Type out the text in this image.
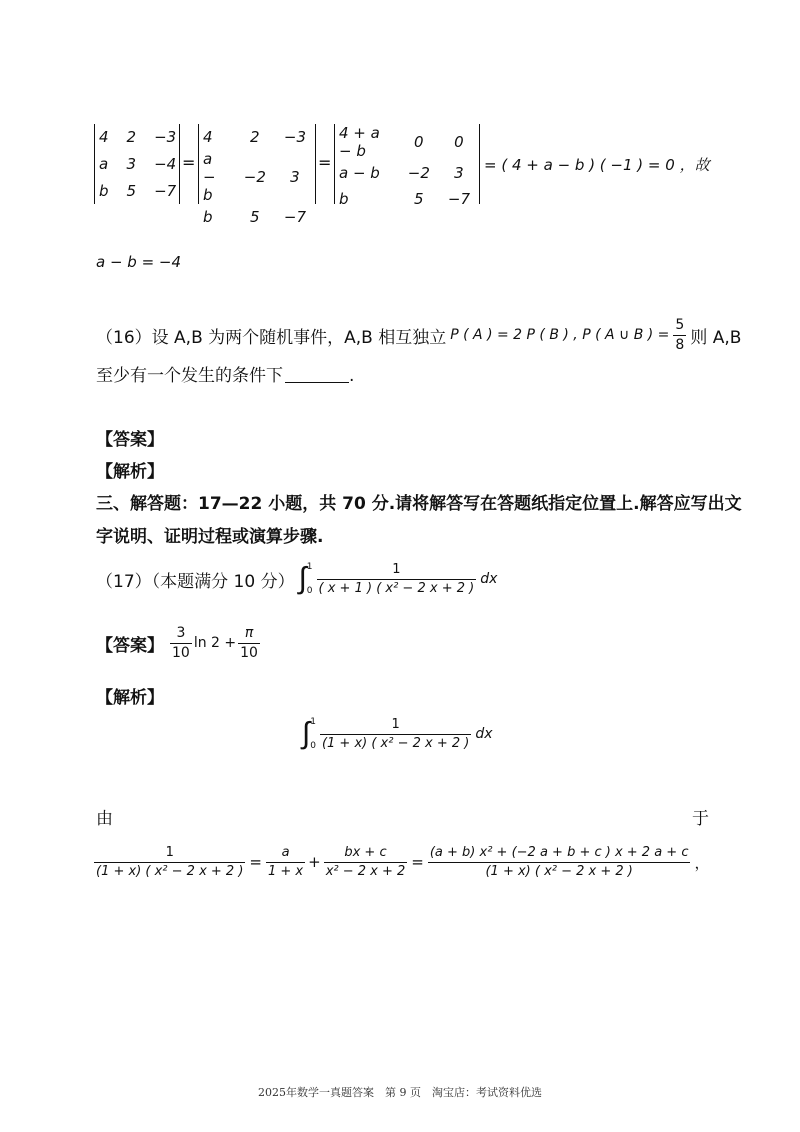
4	2	−3
a	3	−4
b	5	−7
=
4	2	−3
a − b	−2	3
b	5	−7
=
4 + a − b	0	0
a − b	−2	3
b	5	−7
= ( 4 + a − b ) ( −1 ) = 0 ，故
a − b = −4
（16）设 A,B 为两个随机事件，A,B 相互独立 P ( A ) = 2 P ( B ) , P ( A ∪ B ) = $\frac{5}{8}$ 则 A,B
至少有一个发生的条件下	.
【答案】
【解析】
三、解答题：17—22 小题，共 70 分.请将解答写在答题纸指定位置上.解答应写出文
字说明、证明过程或演算步骤.
（17）（本题满分 10 分） ∫ 1
$0 \frac{1}{\text{( x + 1 ) ( x² − 2 x + 2 )}}$ dx
【答案】 $\frac{3}{10}$ $\ln 2 + \frac{\pi}{10}$
【解析】
∫ 1
$0 \frac{1}{\text{(1 + x) ( x² − 2 x + 2 )}}$ dx
由	于
$\frac{1}{\text{(1 + x) ( x² − 2 x + 2 )}} = \frac{a}{1 + x} + \frac{bx + c}{\text{x² − 2 x + 2}} = \frac{\text{(a + b) x² + (−2 a + b + c ) x + 2 a + c}}{\text{(1 + x) ( x² − 2 x + 2 )}}$ ，
2025年数学一真题答案　第 9 页　淘宝店：考试资料优选
